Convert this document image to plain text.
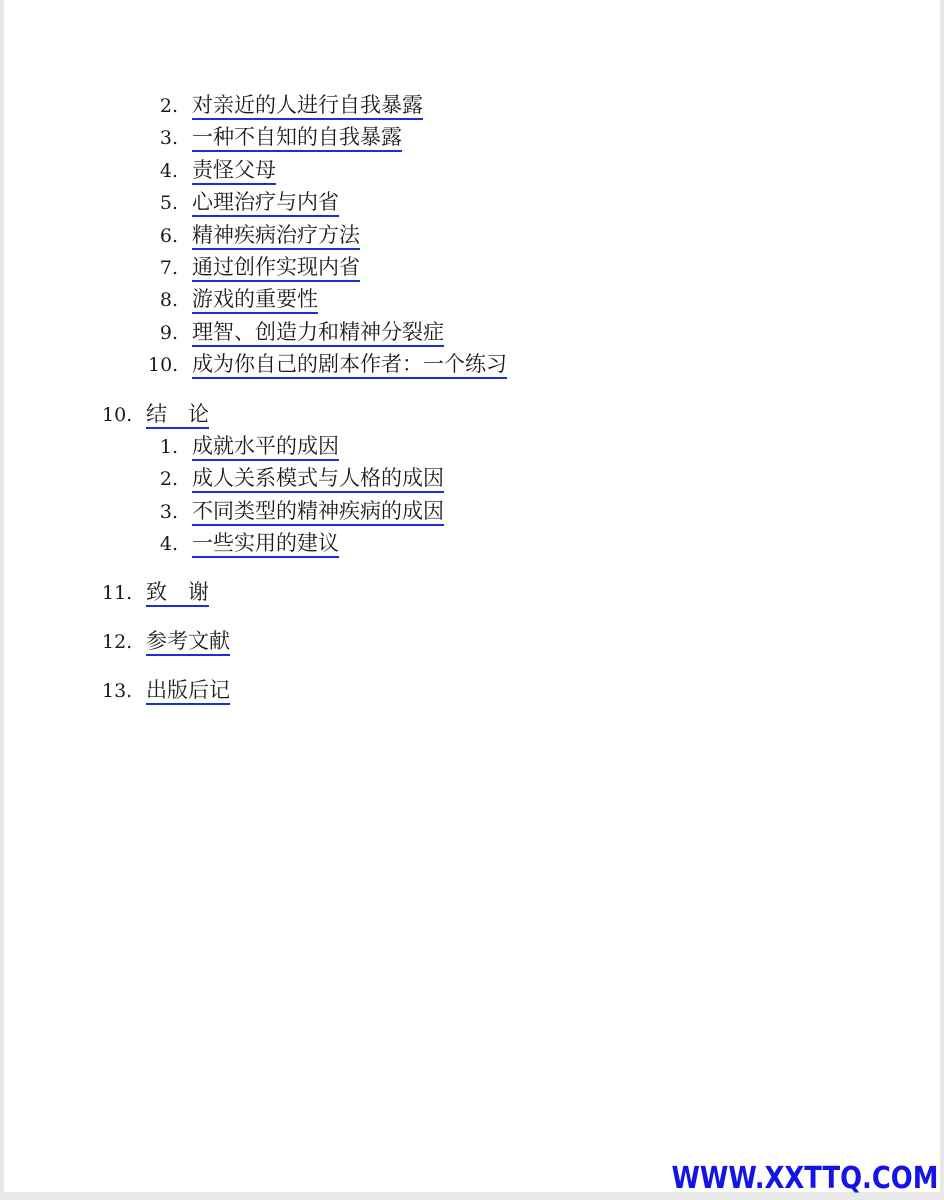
2. 对亲近的人进行自我暴露
3. 一种不自知的自我暴露
4. 责怪父母
5. 心理治疗与内省
6. 精神疾病治疗方法
7. 通过创作实现内省
8. 游戏的重要性
9. 理智、创造力和精神分裂症
10. 成为你自己的剧本作者：一个练习
10. 结　论
1. 成就水平的成因
2. 成人关系模式与人格的成因
3. 不同类型的精神疾病的成因
4. 一些实用的建议
11. 致　谢
12. 参考文献
13. 出版后记
WWW.XXTTQ.COM
